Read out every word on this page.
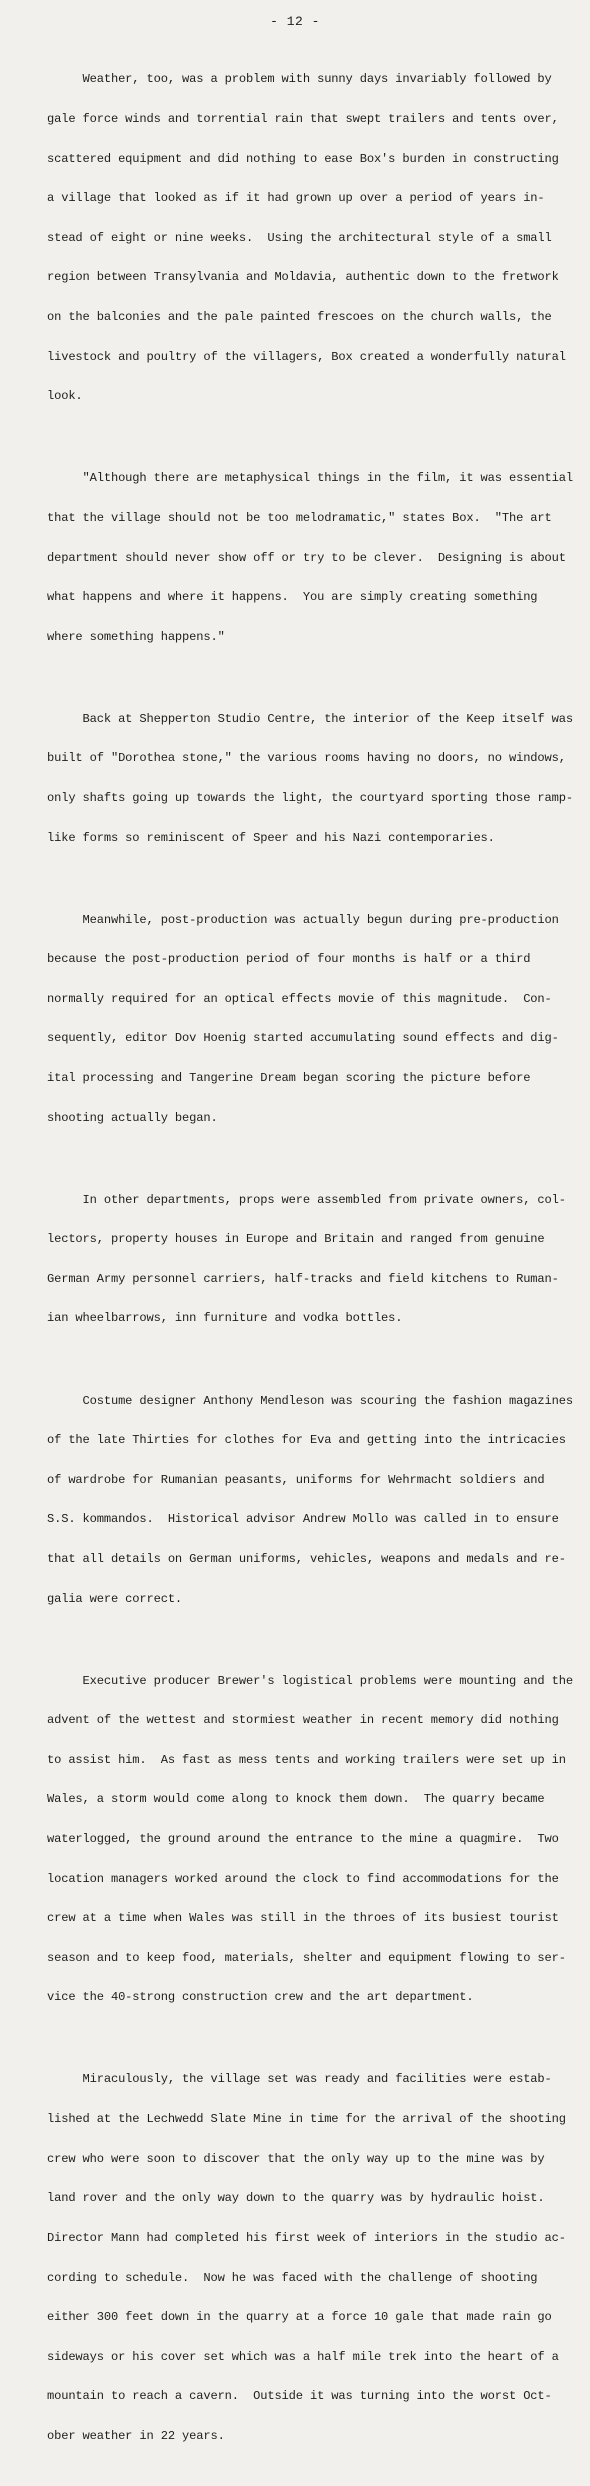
- 12 -

Weather, too, was a problem with sunny days invariably followed by

gale force winds and torrential rain that swept trailers and tents over,

scattered equipment and did nothing to ease Box's burden in constructing

a village that looked as if it had grown up over a period of years in-

stead of eight or nine weeks.  Using the architectural style of a small

region between Transylvania and Moldavia, authentic down to the fretwork

on the balconies and the pale painted frescoes on the church walls, the

livestock and poultry of the villagers, Box created a wonderfully natural

look.

"Although there are metaphysical things in the film, it was essential

that the village should not be too melodramatic," states Box.  "The art

department should never show off or try to be clever.  Designing is about

what happens and where it happens.  You are simply creating something

where something happens."

Back at Shepperton Studio Centre, the interior of the Keep itself was

built of "Dorothea stone," the various rooms having no doors, no windows,

only shafts going up towards the light, the courtyard sporting those ramp-

like forms so reminiscent of Speer and his Nazi contemporaries.

Meanwhile, post-production was actually begun during pre-production

because the post-production period of four months is half or a third

normally required for an optical effects movie of this magnitude.  Con-

sequently, editor Dov Hoenig started accumulating sound effects and dig-

ital processing and Tangerine Dream began scoring the picture before

shooting actually began.

In other departments, props were assembled from private owners, col-

lectors, property houses in Europe and Britain and ranged from genuine

German Army personnel carriers, half-tracks and field kitchens to Ruman-

ian wheelbarrows, inn furniture and vodka bottles.

Costume designer Anthony Mendleson was scouring the fashion magazines

of the late Thirties for clothes for Eva and getting into the intricacies

of wardrobe for Rumanian peasants, uniforms for Wehrmacht soldiers and

S.S. kommandos.  Historical advisor Andrew Mollo was called in to ensure

that all details on German uniforms, vehicles, weapons and medals and re-

galia were correct.

Executive producer Brewer's logistical problems were mounting and the

advent of the wettest and stormiest weather in recent memory did nothing

to assist him.  As fast as mess tents and working trailers were set up in

Wales, a storm would come along to knock them down.  The quarry became

waterlogged, the ground around the entrance to the mine a quagmire.  Two

location managers worked around the clock to find accommodations for the

crew at a time when Wales was still in the throes of its busiest tourist

season and to keep food, materials, shelter and equipment flowing to ser-

vice the 40-strong construction crew and the art department.

Miraculously, the village set was ready and facilities were estab-

lished at the Lechwedd Slate Mine in time for the arrival of the shooting

crew who were soon to discover that the only way up to the mine was by

land rover and the only way down to the quarry was by hydraulic hoist.

Director Mann had completed his first week of interiors in the studio ac-

cording to schedule.  Now he was faced with the challenge of shooting

either 300 feet down in the quarry at a force 10 gale that made rain go

sideways or his cover set which was a half mile trek into the heart of a

mountain to reach a cavern.  Outside it was turning into the worst Oct-

ober weather in 22 years.
